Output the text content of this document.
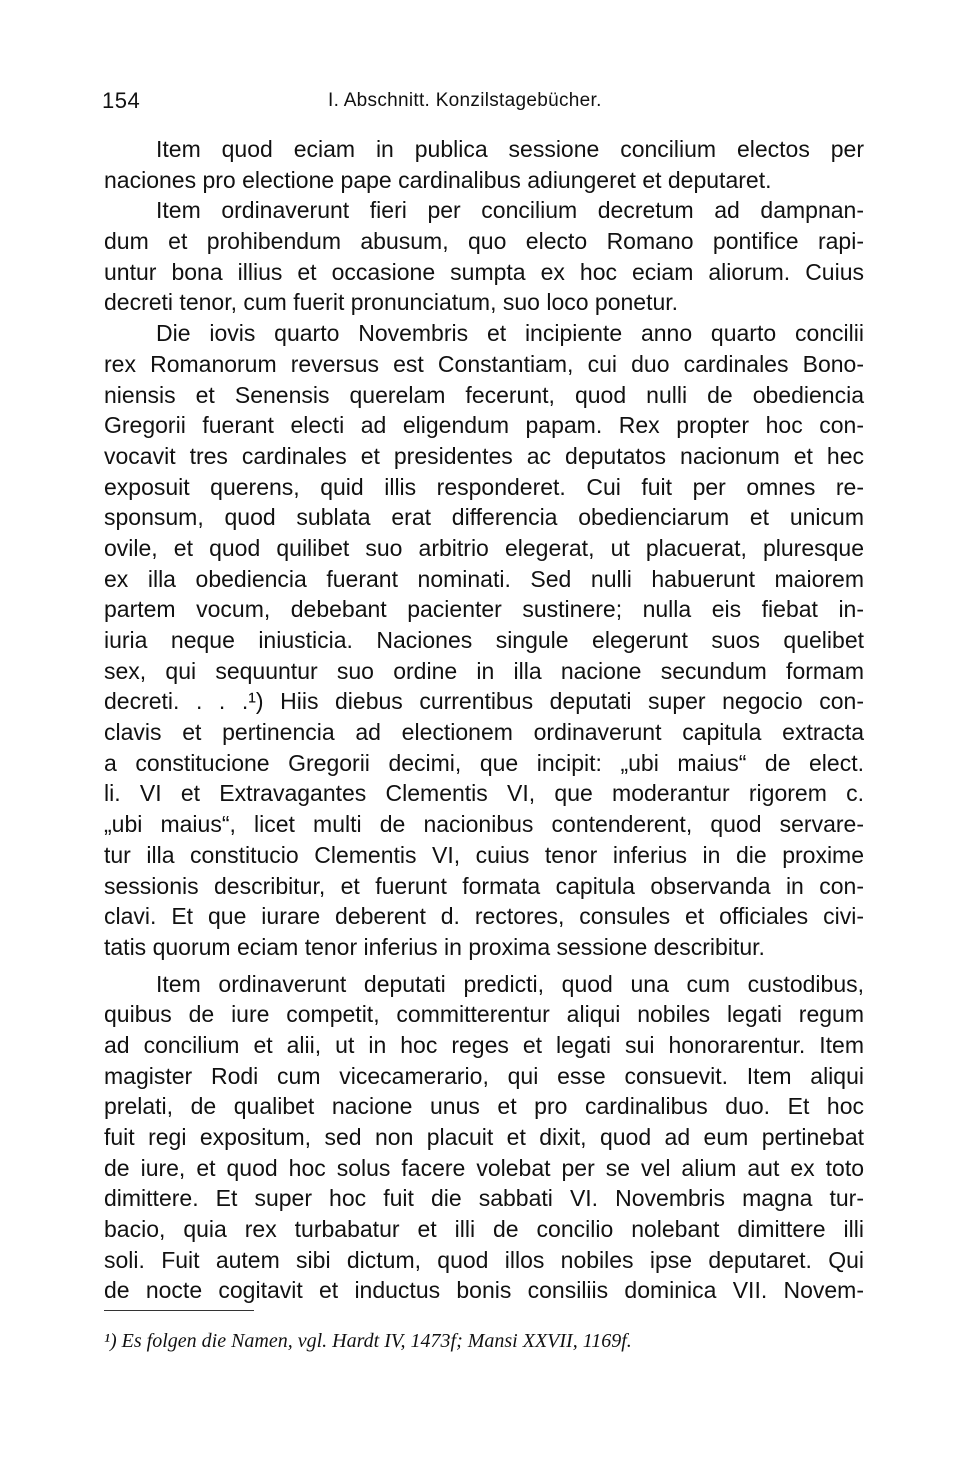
154	I. Abschnitt. Konzilstagebücher.
Item quod eciam in publica sessione concilium electos per
naciones pro electione pape cardinalibus adiungeret et deputaret.
Item ordinaverunt fieri per concilium decretum ad dampnan-
dum et prohibendum abusum, quo electo Romano pontifice rapi-
untur bona illius et occasione sumpta ex hoc eciam aliorum. Cuius
decreti tenor, cum fuerit pronunciatum, suo loco ponetur.
Die iovis quarto Novembris et incipiente anno quarto concilii
rex Romanorum reversus est Constantiam, cui duo cardinales Bono-
niensis et Senensis querelam fecerunt, quod nulli de obediencia
Gregorii fuerant electi ad eligendum papam. Rex propter hoc con-
vocavit tres cardinales et presidentes ac deputatos nacionum et hec
exposuit querens, quid illis responderet. Cui fuit per omnes re-
sponsum, quod sublata erat differencia obedienciarum et unicum
ovile, et quod quilibet suo arbitrio elegerat, ut placuerat, pluresque
ex illa obediencia fuerant nominati. Sed nulli habuerunt maiorem
partem vocum, debebant pacienter sustinere; nulla eis fiebat in-
iuria neque iniusticia. Naciones singule elegerunt suos quelibet
sex, qui sequuntur suo ordine in illa nacione secundum formam
decreti. . . .¹) Hiis diebus currentibus deputati super negocio con-
clavis et pertinencia ad electionem ordinaverunt capitula extracta
a constitucione Gregorii decimi, que incipit: „ubi maius“ de elect.
li. VI et Extravagantes Clementis VI, que moderantur rigorem c.
„ubi maius“, licet multi de nacionibus contenderent, quod servare-
tur illa constitucio Clementis VI, cuius tenor inferius in die proxime
sessionis describitur, et fuerunt formata capitula observanda in con-
clavi. Et que iurare deberent d. rectores, consules et officiales civi-
tatis quorum eciam tenor inferius in proxima sessione describitur.
Item ordinaverunt deputati predicti, quod una cum custodibus,
quibus de iure competit, committerentur aliqui nobiles legati regum
ad concilium et alii, ut in hoc reges et legati sui honorarentur. Item
magister Rodi cum vicecamerario, qui esse consuevit. Item aliqui
prelati, de qualibet nacione unus et pro cardinalibus duo. Et hoc
fuit regi expositum, sed non placuit et dixit, quod ad eum pertinebat
de iure, et quod hoc solus facere volebat per se vel alium aut ex toto
dimittere. Et super hoc fuit die sabbati VI. Novembris magna tur-
bacio, quia rex turbabatur et illi de concilio nolebant dimittere illi
soli. Fuit autem sibi dictum, quod illos nobiles ipse deputaret. Qui
de nocte cogitavit et inductus bonis consiliis dominica VII. Novem-
¹) Es folgen die Namen, vgl. Hardt IV, 1473f; Mansi XXVII, 1169f.
